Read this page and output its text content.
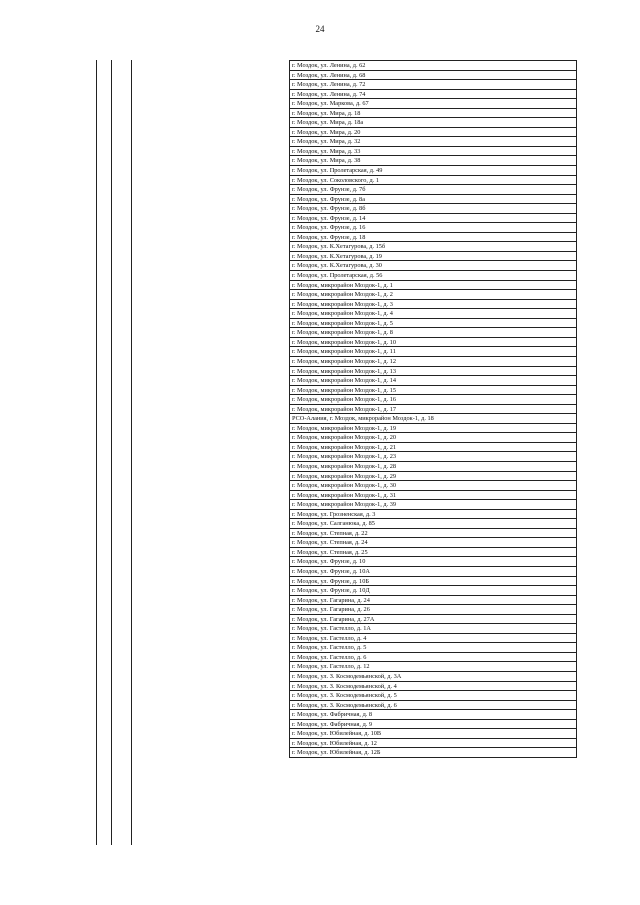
24
г. Моздок, ул. Ленина, д. 62
г. Моздок, ул. Ленина, д. 68
г. Моздок, ул. Ленина, д. 72
г. Моздок, ул. Ленина, д. 74
г. Моздок, ул. Маркова, д. 67
г. Моздок, ул. Мира, д. 18
г. Моздок, ул. Мира, д. 18а
г. Моздок, ул. Мира, д. 20
г. Моздок, ул. Мира, д. 32
г. Моздок, ул. Мира, д. 33
г. Моздок, ул. Мира, д. 38
г. Моздок, ул. Пролетарская, д. 49
г. Моздок, ул. Соколовского, д. 1
г. Моздок, ул. Фрунзе, д. 7б
г. Моздок, ул. Фрунзе, д. 8а
г. Моздок, ул. Фрунзе, д. 8б
г. Моздок, ул. Фрунзе, д. 14
г. Моздок, ул. Фрунзе, д. 16
г. Моздок, ул. Фрунзе, д. 18
г. Моздок, ул. К.Хетагурова, д. 15б
г. Моздок, ул. К.Хетагурова, д. 19
г. Моздок, ул. К.Хетагурова, д. 30
г. Моздок, ул. Пролетарская, д. 56
г. Моздок, микрорайон Моздок-1, д. 1
г. Моздок, микрорайон Моздок-1, д. 2
г. Моздок, микрорайон Моздок-1, д. 3
г. Моздок, микрорайон Моздок-1, д. 4
г. Моздок, микрорайон Моздок-1, д. 5
г. Моздок, микрорайон Моздок-1, д. 8
г. Моздок, микрорайон Моздок-1, д. 10
г. Моздок, микрорайон Моздок-1, д. 11
г. Моздок, микрорайон Моздок-1, д. 12
г. Моздок, микрорайон Моздок-1, д. 13
г. Моздок, микрорайон Моздок-1, д. 14
г. Моздок, микрорайон Моздок-1, д. 15
г. Моздок, микрорайон Моздок-1, д. 16
г. Моздок, микрорайон Моздок-1, д. 17
РСО-Алания, г. Моздок, микрорайон Моздок-1, д. 18
г. Моздок, микрорайон Моздок-1, д. 19
г. Моздок, микрорайон Моздок-1, д. 20
г. Моздок, микрорайон Моздок-1, д. 21
г. Моздок, микрорайон Моздок-1, д. 23
г. Моздок, микрорайон Моздок-1, д. 28
г. Моздок, микрорайон Моздок-1, д. 29
г. Моздок, микрорайон Моздок-1, д. 30
г. Моздок, микрорайон Моздок-1, д. 31
г. Моздок, микрорайон Моздок-1, д. 39
г. Моздок, ул. Грозненская, д. 3
г. Моздок, ул. Салганюка, д. 85
г. Моздок, ул. Степная, д. 22
г. Моздок, ул. Степная, д. 24
г. Моздок, ул. Степная, д. 25
г. Моздок, ул. Фрунзе, д. 10
г. Моздок, ул. Фрунзе, д. 10А
г. Моздок, ул. Фрунзе, д. 10Б
г. Моздок, ул. Фрунзе, д. 10Д
г. Моздок, ул. Гагарина, д. 24
г. Моздок, ул. Гагарина, д. 26
г. Моздок, ул. Гагарина, д. 27А
г. Моздок, ул. Гастелло, д. 1А
г. Моздок, ул. Гастелло, д. 4
г. Моздок, ул. Гастелло, д. 5
г. Моздок, ул. Гастелло, д. 6
г. Моздок, ул. Гастелло, д. 12
г. Моздок, ул. З. Космодемьянской, д. 3А
г. Моздок, ул. З. Космодемьянской, д. 4
г. Моздок, ул. З. Космодемьянской, д. 5
г. Моздок, ул. З. Космодемьянской, д. 6
г. Моздок, ул. Фабричная, д. 8
г. Моздок, ул. Фабричная, д. 9
г. Моздок, ул. Юбилейная, д. 10В
г. Моздок, ул. Юбилейная, д. 12
г. Моздок, ул. Юбилейная, д. 12Б
